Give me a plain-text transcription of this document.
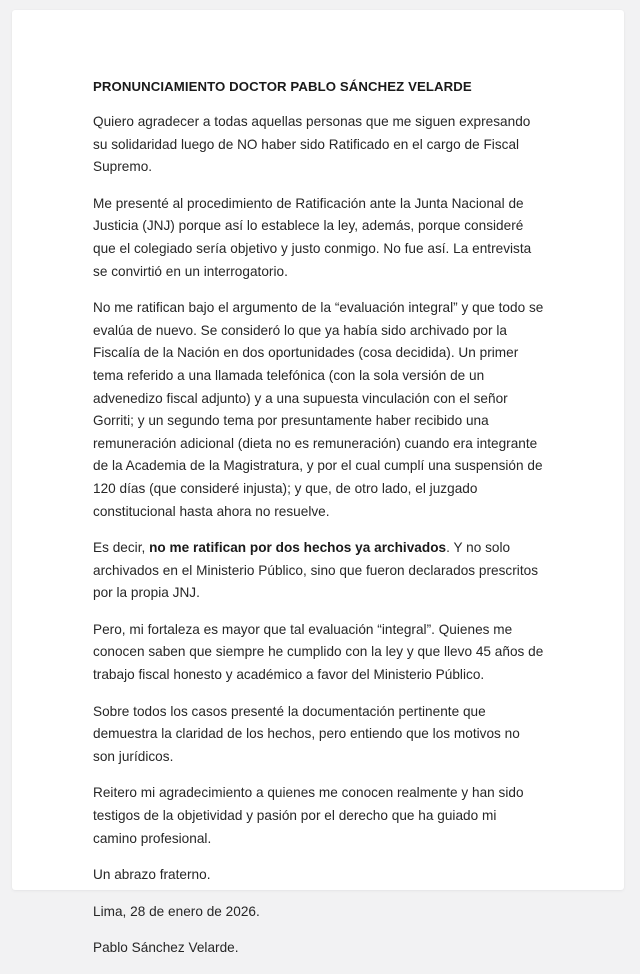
PRONUNCIAMIENTO DOCTOR PABLO SÁNCHEZ VELARDE

Quiero agradecer a todas aquellas personas que me siguen expresando su solidaridad luego de NO haber sido Ratificado en el cargo de Fiscal Supremo.

Me presenté al procedimiento de Ratificación ante la Junta Nacional de Justicia (JNJ) porque así lo establece la ley, además, porque consideré que el colegiado sería objetivo y justo conmigo. No fue así. La entrevista se convirtió en un interrogatorio.

No me ratifican bajo el argumento de la “evaluación integral” y que todo se evalúa de nuevo. Se consideró lo que ya había sido archivado por la Fiscalía de la Nación en dos oportunidades (cosa decidida). Un primer tema referido a una llamada telefónica (con la sola versión de un advenedizo fiscal adjunto) y a una supuesta vinculación con el señor Gorriti; y un segundo tema por presuntamente haber recibido una remuneración adicional (dieta no es remuneración) cuando era integrante de la Academia de la Magistratura, y por el cual cumplí una suspensión de 120 días (que consideré injusta); y que, de otro lado, el juzgado constitucional hasta ahora no resuelve.

Es decir, no me ratifican por dos hechos ya archivados. Y no solo archivados en el Ministerio Público, sino que fueron declarados prescritos por la propia JNJ.

Pero, mi fortaleza es mayor que tal evaluación “integral”. Quienes me conocen saben que siempre he cumplido con la ley y que llevo 45 años de trabajo fiscal honesto y académico a favor del Ministerio Público.

Sobre todos los casos presenté la documentación pertinente que demuestra la claridad de los hechos, pero entiendo que los motivos no son jurídicos.

Reitero mi agradecimiento a quienes me conocen realmente y han sido testigos de la objetividad y pasión por el derecho que ha guiado mi camino profesional.

Un abrazo fraterno.

Lima, 28 de enero de 2026.

Pablo Sánchez Velarde.
